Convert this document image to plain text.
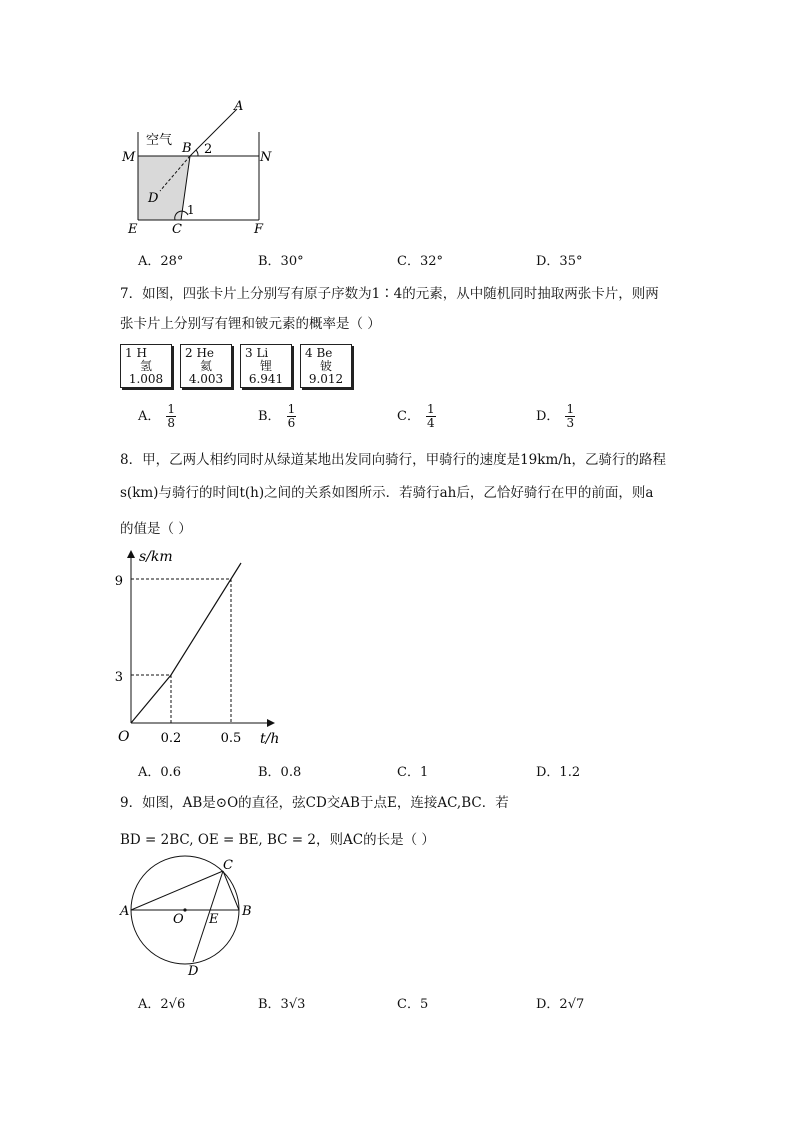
空气
A
B 2
M	N
D
1
E	C	F
A．28°	B．30°	C．32°	D．35°
7．如图，四张卡片上分别写有原子序数为1∶4的元素，从中随机同时抽取两张卡片，则两
张卡片上分别写有锂和铍元素的概率是（ ）
1 H
氢
1.008
2 He
氦
4.003
3 Li
锂
6.941
4 Be
铍
9.012
A． $\frac{1}{8}$	B． $\frac{1}{6}$	C． $\frac{1}{4}$	D． $\frac{1}{3}$
8．甲，乙两人相约同时从绿道某地出发同向骑行，甲骑行的速度是19km/h，乙骑行的路程
s(km)与骑行的时间t(h)之间的关系如图所示．若骑行ah后，乙恰好骑行在甲的前面，则a
的值是（ ）
s/km
t/h
O
3
9
0.2	0.5
A．0.6	B．0.8	C．1	D．1.2
9．如图，AB是⊙O的直径，弦CD交AB于点E，连接AC,BC．若
BD = 2BC, OE = BE, BC = 2，则AC的长是（ ）
A	B
C
D
O E
A．2√6	B．3√3	C．5	D．2√7
